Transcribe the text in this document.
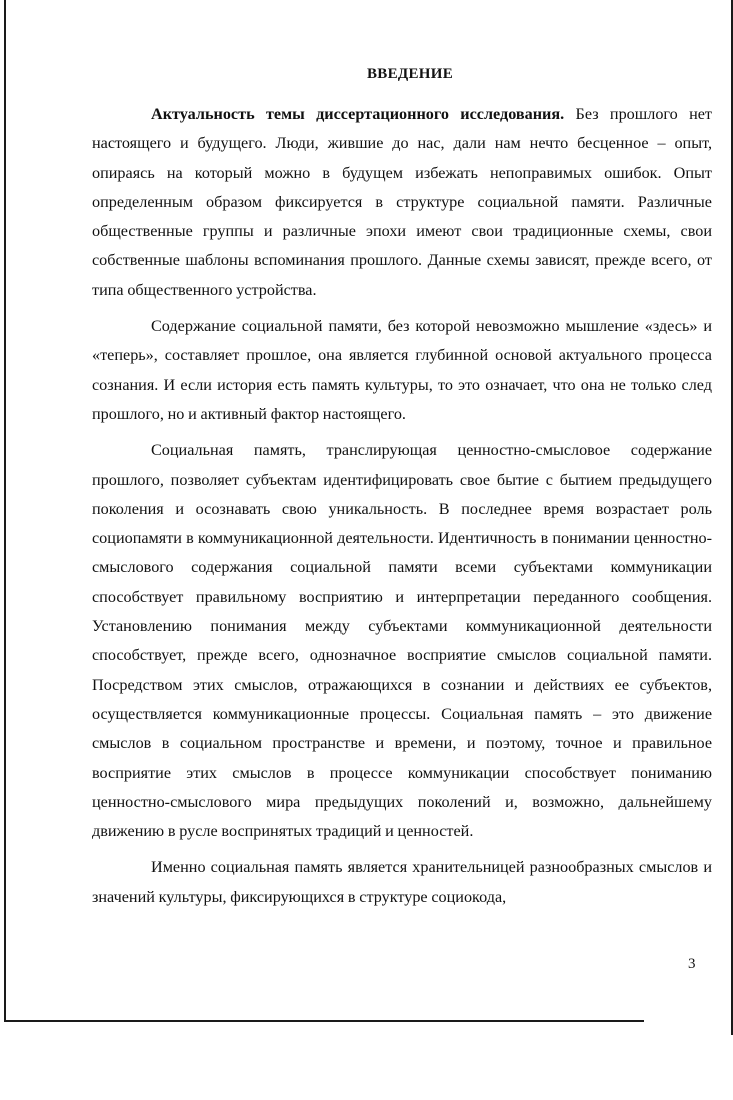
ВВЕДЕНИЕ

Актуальность темы диссертационного исследования. Без прошлого нет настоящего и будущего. Люди, жившие до нас, дали нам нечто бесценное – опыт, опираясь на который можно в будущем избежать непоправимых ошибок. Опыт определенным образом фиксируется в структуре социальной памяти. Различные общественные группы и различные эпохи имеют свои традиционные схемы, свои собственные шаблоны вспоминания прошлого. Данные схемы зависят, прежде всего, от типа общественного устройства.

Содержание социальной памяти, без которой невозможно мышление «здесь» и «теперь», составляет прошлое, она является глубинной основой актуального процесса сознания. И если история есть память культуры, то это означает, что она не только след прошлого, но и активный фактор настоящего.

Социальная память, транслирующая ценностно-смысловое содержание прошлого, позволяет субъектам идентифицировать свое бытие с бытием предыдущего поколения и осознавать свою уникальность. В последнее время возрастает роль социопамяти в коммуникационной деятельности. Идентичность в понимании ценностно-смыслового содержания социальной памяти всеми субъектами коммуникации способствует правильному восприятию и интерпретации переданного сообщения. Установлению понимания между субъектами коммуникационной деятельности способствует, прежде всего, однозначное восприятие смыслов социальной памяти. Посредством этих смыслов, отражающихся в сознании и действиях ее субъектов, осуществляется коммуникационные процессы. Социальная память – это движение смыслов в социальном пространстве и времени, и поэтому, точное и правильное восприятие этих смыслов в процессе коммуникации способствует пониманию ценностно-смыслового мира предыдущих поколений и, возможно, дальнейшему движению в русле воспринятых традиций и ценностей.

Именно социальная память является хранительницей разнообразных смыслов и значений культуры, фиксирующихся в структуре социокода,

3
